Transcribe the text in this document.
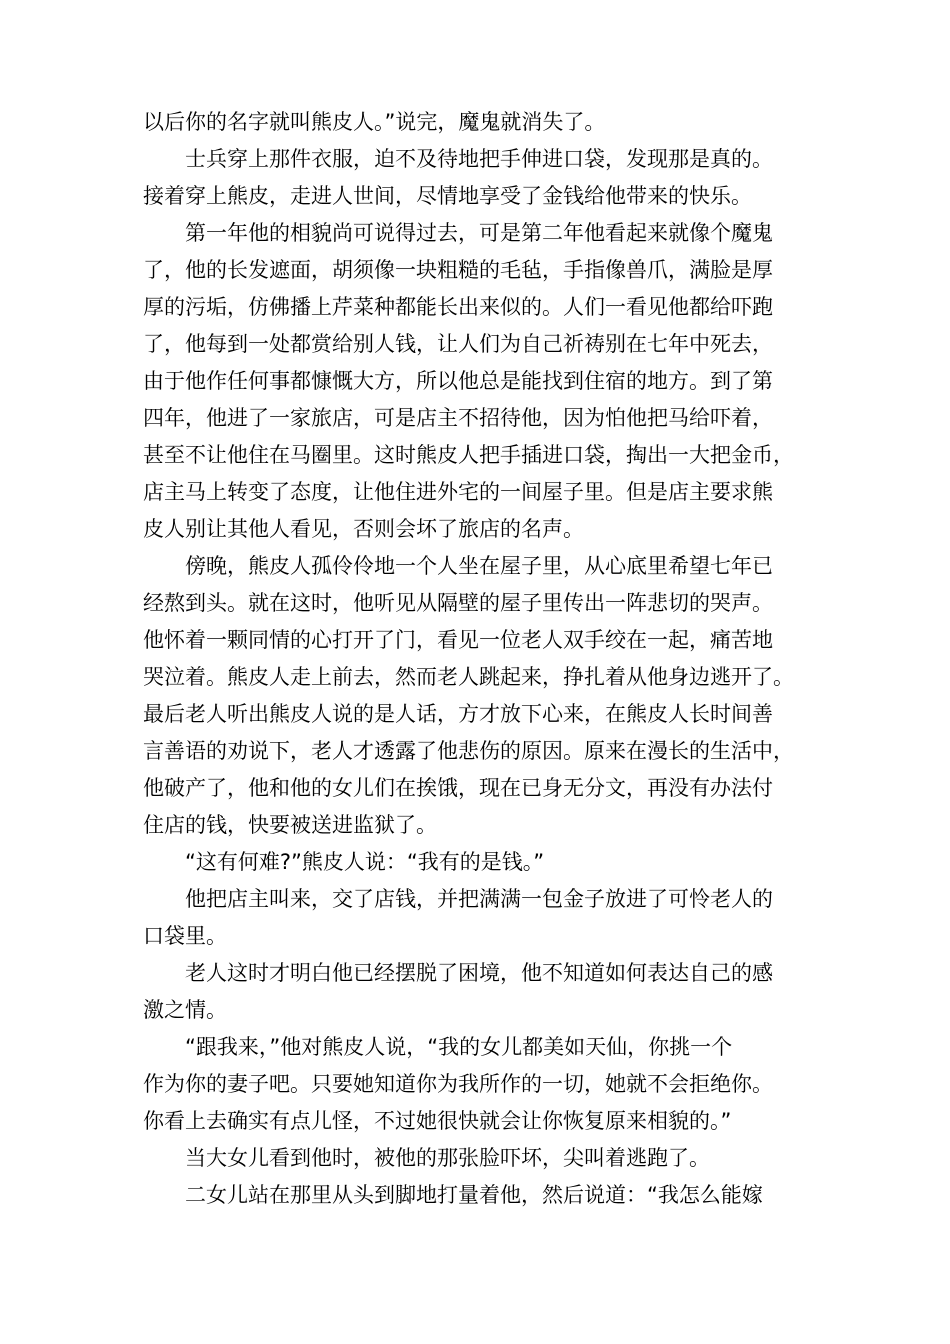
以后你的名字就叫熊皮人。”说完，魔鬼就消失了。
士兵穿上那件衣服，迫不及待地把手伸进口袋，发现那是真的。
接着穿上熊皮，走进人世间，尽情地享受了金钱给他带来的快乐。
第一年他的相貌尚可说得过去，可是第二年他看起来就像个魔鬼
了，他的长发遮面，胡须像一块粗糙的毛毡，手指像兽爪，满脸是厚
厚的污垢，仿佛播上芹菜种都能长出来似的。人们一看见他都给吓跑
了，他每到一处都赏给别人钱，让人们为自己祈祷别在七年中死去，
由于他作任何事都慷慨大方，所以他总是能找到住宿的地方。到了第
四年，他进了一家旅店，可是店主不招待他，因为怕他把马给吓着，
甚至不让他住在马圈里。这时熊皮人把手插进口袋，掏出一大把金币，
店主马上转变了态度，让他住进外宅的一间屋子里。但是店主要求熊
皮人别让其他人看见，否则会坏了旅店的名声。
傍晚，熊皮人孤伶伶地一个人坐在屋子里，从心底里希望七年已
经熬到头。就在这时，他听见从隔壁的屋子里传出一阵悲切的哭声。
他怀着一颗同情的心打开了门，看见一位老人双手绞在一起，痛苦地
哭泣着。熊皮人走上前去，然而老人跳起来，挣扎着从他身边逃开了。
最后老人听出熊皮人说的是人话，方才放下心来，在熊皮人长时间善
言善语的劝说下，老人才透露了他悲伤的原因。原来在漫长的生活中，
他破产了，他和他的女儿们在挨饿，现在已身无分文，再没有办法付
住店的钱，快要被送进监狱了。
“这有何难?”熊皮人说：“我有的是钱。”
他把店主叫来，交了店钱，并把满满一包金子放进了可怜老人的
口袋里。
老人这时才明白他已经摆脱了困境，他不知道如何表达自己的感
激之情。
“跟我来，”他对熊皮人说，“我的女儿都美如天仙，你挑一个
作为你的妻子吧。只要她知道你为我所作的一切，她就不会拒绝你。
你看上去确实有点儿怪，不过她很快就会让你恢复原来相貌的。”
当大女儿看到他时，被他的那张脸吓坏，尖叫着逃跑了。
二女儿站在那里从头到脚地打量着他，然后说道：“我怎么能嫁
